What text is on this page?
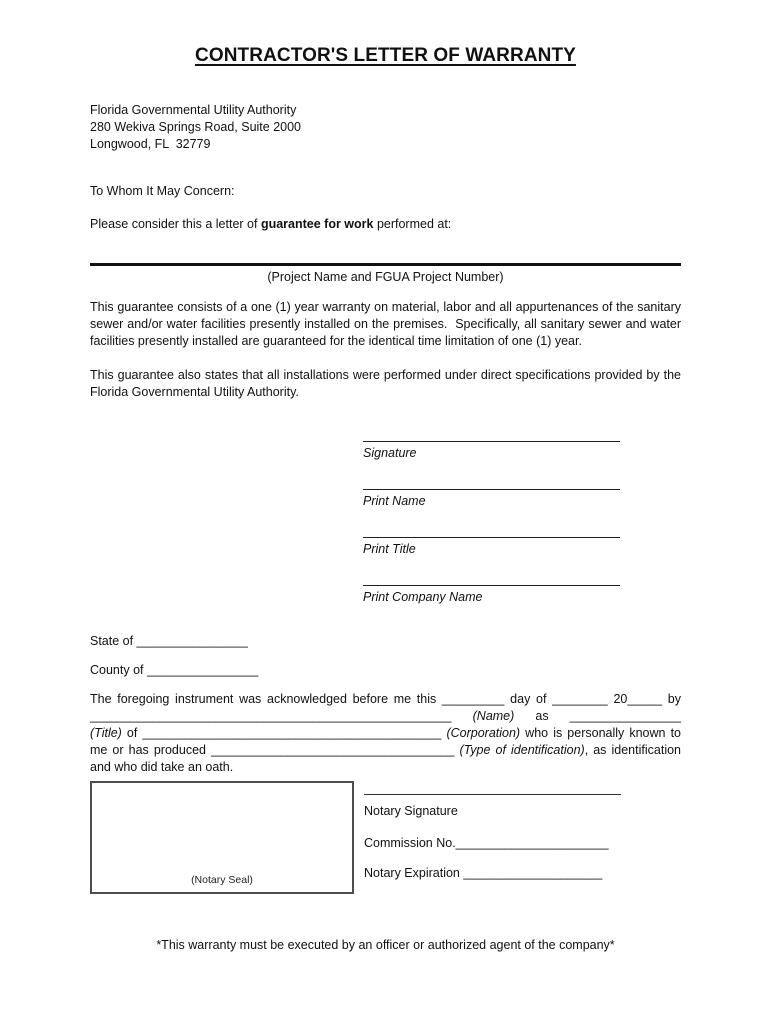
CONTRACTOR'S LETTER OF WARRANTY
Florida Governmental Utility Authority
280 Wekiva Springs Road, Suite 2000
Longwood, FL  32779
To Whom It May Concern:
Please consider this a letter of guarantee for work performed at:
(Project Name and FGUA Project Number)
This guarantee consists of a one (1) year warranty on material, labor and all appurtenances of the sanitary sewer and/or water facilities presently installed on the premises.  Specifically, all sanitary sewer and water facilities presently installed are guaranteed for the identical time limitation of one (1) year.
This guarantee also states that all installations were performed under direct specifications provided by the Florida Governmental Utility Authority.
Signature
Print Name
Print Title
Print Company Name
State of ________________
County of ________________
The foregoing instrument was acknowledged before me this _________ day of ________ 20_____ by
____________________________________________________ (Name) as ________________
(Title) of ___________________________________________ (Corporation) who is personally known to
me or has produced ___________________________________ (Type of identification), as identification
and who did take an oath.
(Notary Seal)
Notary Signature
Commission No.______________________
Notary Expiration ____________________
*This warranty must be executed by an officer or authorized agent of the company*
